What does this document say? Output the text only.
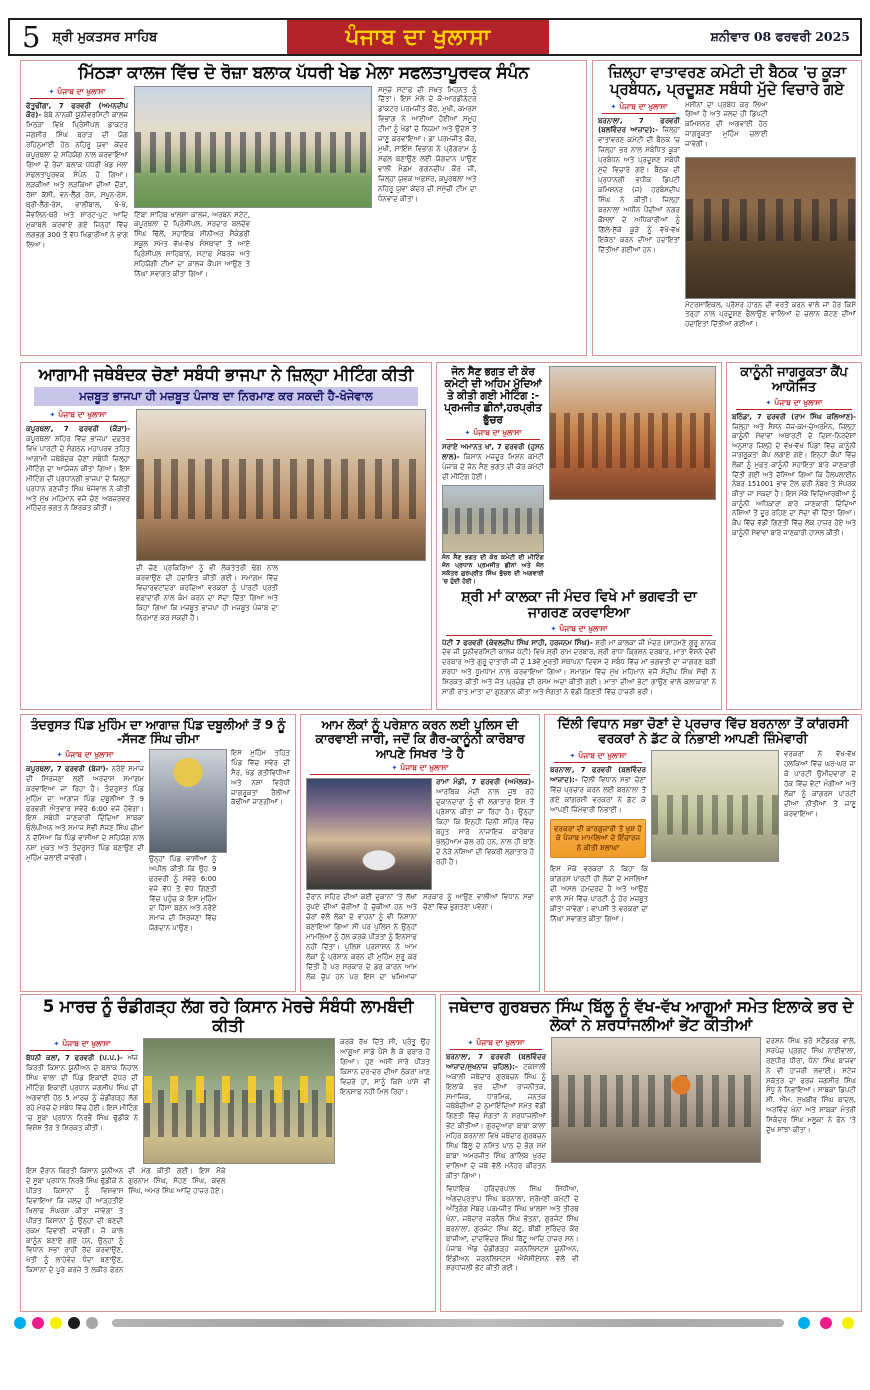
5 ਸ਼੍ਰੀ ਮੁਕਤਸਰ ਸਾਹਿਬ	ਪੰਜਾਬ ਦਾ ਖੁਲਾਸਾ	ਸ਼ਨੀਵਾਰ 08 ਫਰਵਰੀ 2025
ਮਿੱਠੜਾ ਕਾਲਜ ਵਿੱਚ ਦੋ ਰੋਜ਼ਾ ਬਲਾਕ ਪੱਧਰੀ ਖੇਡ ਮੇਲਾ ਸਫਲਤਾਪੂਰਵਕ ਸੰਪੰਨ
✦ ਪੰਜਾਬ ਦਾ ਖੁਲਾਸਾ

ਫੱਤੂਢੀਂਗਾ, 7 ਫਰਵਰੀ (ਅਮਨਦੀਪ ਕੌਰ)- ਬੇਬੇ ਨਾਨਕੀ ਯੂਨੀਵਰਸਿਟੀ ਕਾਲਜ ਮਿਠੜਾ ਵਿਖੇ ਪ੍ਰਿੰਸੀਪਲ ਡਾਕਟਰ ਜਗਸੀਰ ਸਿੰਘ ਬਰਾੜ ਦੀ ਯੋਗ ਰਹਿਨੁਮਾਈ ਹੇਠ ਨਹਿਰੂ ਯੁਵਾ ਕੇਂਦਰ ਕਪੂਰਥਲਾ ਦੇ ਸਹਿਯੋਗ ਨਾਲ ਕਰਵਾਇਆ ਗਿਆ ਦੋ ਰੋਜ਼ਾ ਬਲਾਕ ਪੱਧਰੀ ਖੇਡ ਮੇਲਾ ਸਫਲਤਾਪੂਰਵਕ ਸੰਪੰਨ ਹੋ ਗਿਆ। ਲੜਕੀਆਂ ਅਤੇ ਲੜਕਿਆਂ ਦੀਆਂ ਦੌੜਾਂ, ਰੱਸਾ ਕੱਸੀ, ਵਨ-ਲੈੱਗ ਰੇਸ, ਸਪੂਨ-ਰੇਸ, ਥ੍ਰੀ-ਲੈੱਗ-ਰੇਸ, ਵਾਲੀਬਾਲ, ਖੋ-ਖੋ, ਜੈਵਲਿਨ-ਥਰੋ ਅਤੇ ਸ਼ਾਰਟ-ਪੁਟ ਆਦਿ ਮੁਕਾਬਲੇ ਕਰਵਾਏ ਗਏ ਜਿਨ੍ਹਾਂ ਵਿੱਚ ਲਗਭਗ 300 ਤੋਂ ਵੱਧ ਖਿਡਾਰੀਆਂ ਨੇ ਭਾਗ ਲਿਆ।

ਟਿੱਬਾ ਸਾਹਿਬ ਖਾਲਸਾ ਕਾਲਜ, ਅਰਬਨ ਸਟੇਟ, ਕਪੂਰਥਲਾ ਦੇ ਪ੍ਰਿੰਸੀਪਲ, ਸਰਦਾਰ ਬਲਦੇਵ ਸਿੰਘ ਢਿੱਲੋਂ, ਸਹਾਇਕ ਸੀਨੀਅਰ ਸੈਕੰਡਰੀ ਸਕੂਲ ਸਮੇਤ ਵੱਖ-ਵੱਖ ਸੰਸਥਾਵਾਂ ਤੋਂ ਆਏ ਪ੍ਰਿੰਸੀਪਲ ਸਾਹਿਬਾਨ, ਸਟਾਫ ਮੈਂਬਰਜ਼ ਅਤੇ ਸਹਿਯੋਗੀ ਟੀਮਾਂ ਦਾ ਕਾਲਜ ਕੈਂਪਸ ਆਉਣ ਤੇ ਨਿੱਘਾ ਸਵਾਗਤ ਕੀਤਾ ਗਿਆ।

ਸਮੁੱਚੇ ਸਟਾਫ ਦੀ ਸਖ਼ਤ ਮਿਹਨਤ ਨੂੰ ਦਿੱਤਾ। ਇਸ ਮੇਲੇ ਦੇ ਕੋ-ਆਰਡੀਨੇਟਰ ਡਾਕਟਰ ਪਰਮਜੀਤ ਕੌਰ, ਮੁਖੀ, ਕਮਰਸ ਵਿਭਾਗ ਨੇ ਆਈਆਂ ਹੋਈਆਂ ਸਮੂਹ ਟੀਮਾਂ ਨੂੰ ਖੇਡਾਂ ਦੇ ਨਿਯਮਾਂ ਅਤੇ ਉਦੇਸ਼ ਤੋਂ ਜਾਣੂ ਕਰਵਾਇਆ। ਡਾ ਪਰਮਜੀਤ ਕੌਰ, ਮੁਖੀ, ਸਾਇੰਸ ਵਿਭਾਗ ਨੇ ਪ੍ਰੋਗਰਾਮ ਨੂੰ ਸਫਲ ਬਣਾਉਣ ਲਈ ਯੋਗਦਾਨ ਪਾਉਣ ਵਾਲੀ ਮੈਡਮ ਗਗਨਦੀਪ ਕੌਰ ਜੀ, ਜ਼ਿਲ੍ਹਾ ਯੁਵਕ ਅਫ਼ਸਰ, ਕਪੂਰਥਲਾ ਅਤੇ ਨਹਿਰੂ ਯੁਵਾ ਕੇਂਦਰ ਦੀ ਸਮੁੱਚੀ ਟੀਮ ਦਾ ਧੰਨਵਾਦ ਕੀਤਾ।

ਜ਼ਿਲ੍ਹਾ ਵਾਤਾਵਰਣ ਕਮੇਟੀ ਦੀ ਬੈਠਕ 'ਚ ਕੂੜਾ ਪ੍ਰਬੰਧਨ, ਪ੍ਰਦੂਸ਼ਣ ਸਬੰਧੀ ਮੁੱਦੇ ਵਿਚਾਰੇ ਗਏ
✦ ਪੰਜਾਬ ਦਾ ਖੁਲਾਸਾ

ਬਰਨਾਲਾ, 7 ਫਰਵਰੀ (ਬਲਵਿੰਦਰ ਆਜ਼ਾਦ):- ਜ਼ਿਲ੍ਹਾ ਵਾਤਾਵਰਣ ਕਮੇਟੀ ਦੀ ਬੈਠਕ 'ਚ ਜ਼ਿਲ੍ਹਾ ਭਰ ਨਾਲ ਸਬੰਧਿਤ ਕੂੜਾ ਪ੍ਰਬੰਧਨ ਅਤੇ ਪ੍ਰਦੂਸ਼ਣ ਸਬੰਧੀ ਮੁੱਦੇ ਵਿਚਾਰੇ ਗਏ। ਬੈਠਕ ਦੀ ਪ੍ਰਧਾਨਗੀ ਵਧੀਕ ਡਿਪਟੀ ਕਮਿਸ਼ਨਰ (ਜ) ਹਰਬੰਸਦੀਪ ਸਿੰਘ ਨੇ ਕੀਤੀ। ਜ਼ਿਲ੍ਹਾ ਬਰਨਾਲਾ ਅਧੀਨ ਪੈਂਦੀਆਂ ਨਗਰ ਕੌਂਸਲਾਂ ਦੇ ਅਧਿਕਾਰੀਆਂ ਨੂੰ ਗਿੱਲੇ-ਸੁੱਕੇ ਕੂੜੇ ਨੂੰ ਵੱਖੋ-ਵੱਖ ਇਕੱਠਾ ਕਰਨ ਦੀਆਂ ਹਦਾਇਤਾਂ ਦਿੱਤੀਆਂ ਗਈਆਂ ਹਨ।

ਮਸ਼ੀਨਾਂ ਦਾ ਪ੍ਰਬੰਧ ਕਰ ਲਿਆ ਗਿਆ ਹੈ ਅਤੇ ਜਲਦ ਹੀ ਡਿਪਟੀ ਕਮਿਸ਼ਨਰ ਦੀ ਅਗਵਾਈ ਹੇਠ ਜਾਗਰੂਕਤਾ ਮੁਹਿੰਮ ਚਲਾਈ ਜਾਵੇਗੀ।

ਮੋਟਰਸਾਇਕਲ, ਪ੍ਰੈਸ਼ਰ ਹਾਰਨ ਦੀ ਵਰਤੋਂ ਕਰਨ ਵਾਲੇ ਜਾਂ ਹੋਰ ਕਿਸੇ ਤਰ੍ਹਾਂ ਨਾਲ ਪ੍ਰਦੂਸ਼ਣ ਫੈਲਾਉਣ ਵਾਲਿਆਂ ਦੇ ਚਲਾਨ ਕੱਟਣ ਦੀਆਂ ਹਦਾਇਤਾਂ ਦਿੱਤੀਆਂ ਗਈਆਂ।

ਆਗਾਮੀ ਜਥੇਬੰਦਕ ਚੋਣਾਂ ਸਬੰਧੀ ਭਾਜਪਾ ਨੇ ਜ਼ਿਲ੍ਹਾ ਮੀਟਿੰਗ ਕੀਤੀ
ਮਜ਼ਬੂਤ ਭਾਜਪਾ ਹੀ ਮਜ਼ਬੂਤ ਪੰਜਾਬ ਦਾ ਨਿਰਮਾਣ ਕਰ ਸਕਦੀ ਹੈ-ਖੋਜੇਵਾਲ
✦ ਪੰਜਾਬ ਦਾ ਖੁਲਾਸਾ

ਕਪੂਰਥਲਾ, 7 ਫਰਵਰੀ (ਕੌੜਾ)- ਕਪੂਰਥਲਾ ਸ਼ਹਿਰ ਵਿੱਚ ਭਾਜਪਾ ਦਫ਼ਤਰ ਵਿਖੇ ਪਾਰਟੀ ਦੇ ਸੰਗਠਨ ਮਹਾਪਰਵ ਤਹਿਤ ਆਗਾਮੀ ਜਥੇਬੰਦਕ ਚੋਣਾਂ ਸਬੰਧੀ ਜ਼ਿਲ੍ਹਾ ਮੀਟਿੰਗ ਦਾ ਆਯੋਜਨ ਕੀਤਾ ਗਿਆ। ਇਸ ਮੀਟਿੰਗ ਦੀ ਪ੍ਰਧਾਨਗੀ ਭਾਜਪਾ ਦੇ ਜ਼ਿਲ੍ਹਾ ਪ੍ਰਧਾਨ ਰਣਜੀਤ ਸਿੰਘ ਖੋਜੇਵਾਲ ਨੇ ਕੀਤੀ ਅਤੇ ਮੁੱਖ ਮਹਿਮਾਨ ਵਜੋਂ ਚੋਣ ਅਬਜ਼ਰਵਰ ਮਹਿੰਦਰ ਭਗਤ ਨੇ ਸ਼ਿਰਕਤ ਕੀਤੀ।

ਦੀ ਚੋਣ ਪ੍ਰਕਿਰਿਆ ਨੂੰ ਵੀ ਲੋਕਤੰਤਰੀ ਢੰਗ ਨਾਲ ਕਰਵਾਉਣ ਦੀ ਹਦਾਇਤ ਕੀਤੀ ਗਈ। ਸਮਾਗਮ ਵਿੱਚ ਵਿਚਾਰਵਟਾਂਦਰਾ ਕਰਦਿਆਂ ਵਰਕਰਾਂ ਨੂੰ ਪਾਰਟੀ ਪ੍ਰਤੀ ਵਫ਼ਾਦਾਰੀ ਨਾਲ ਕੰਮ ਕਰਨ ਦਾ ਸੱਦਾ ਦਿੱਤਾ ਗਿਆ ਅਤੇ ਕਿਹਾ ਗਿਆ ਕਿ ਮਜ਼ਬੂਤ ਭਾਜਪਾ ਹੀ ਮਜ਼ਬੂਤ ਪੰਜਾਬ ਦਾ ਨਿਰਮਾਣ ਕਰ ਸਕਦੀ ਹੈ।

ਜੋਨ ਸੈਣ ਭਗਤ ਦੀ ਕੋਰ ਕਮੇਟੀ ਦੀ ਅਹਿਮ ਮੁੱਦਿਆਂ ਤੇ ਕੀਤੀ ਗਈ ਮੀਟਿੰਗ :- ਪ੍ਰਮਜੀਤ ਛੀਨਾਂ,ਹਰਪ੍ਰੀਤ ਭੁੱਚਰ
✦ ਪੰਜਾਬ ਦਾ ਖੁਲਾਸਾ

ਸਰਾਏ ਅਮਾਨਤ ਖਾਂ, 7 ਫਰਵਰੀ (ਹੁਸਨ ਲਾਲ)- ਕਿਸਾਨ ਮਜ਼ਦੂਰ ਮਿਸ਼ਨ ਕਮੇਟੀ ਪੰਜਾਬ ਦੇ ਜੋਨ ਸੈਣ ਭਗਤ ਦੀ ਕੋਰ ਕਮੇਟੀ ਦੀ ਮੀਟਿੰਗ ਹੋਈ।

ਜੋਨ ਸੈਣ ਭਗਤ ਦੀ ਕੋਰ ਕਮੇਟੀ ਦੀ ਮੀਟਿੰਗ ਜੋਨ ਪ੍ਰਧਾਨ ਪ੍ਰਮਜੀਤ ਛੀਨਾਂ ਅਤੇ ਜੋਨ ਸਕੱਤਰ ਗੁਰਪ੍ਰੀਤ ਸਿੰਘ ਭੁੱਚਰ ਦੀ ਅਗਵਾਈ 'ਚ ਹੁੰਦੀ ਹੋਈ।

ਸ਼੍ਰੀ ਮਾਂ ਕਾਲਕਾ ਜੀ ਮੰਦਰ ਵਿਖੇ ਮਾਂ ਭਗਵਤੀ ਦਾ ਜਾਗਰਣ ਕਰਵਾਇਆ
✦ ਪੰਜਾਬ ਦਾ ਖੁਲਾਸਾ

ਪੱਟੀ 7 ਫਰਵਰੀ (ਕੇਵਲਦੀਪ ਸਿੰਘ ਸਾਹੀ, ਹਰਜਨਮ ਸਿੰਘ)- ਸ਼੍ਰੀ ਮਾਂ ਕਾਲਕਾ ਜੀ ਮੰਦਰ (ਸਾਹਮਣੇ ਗੁਰੂ ਨਾਨਕ ਦੇਵ ਜੀ ਯੂਨੀਵਰਸਿਟੀ ਕਾਲਜ ਪੱਟੀ) ਵਿਖੇ ਸ਼੍ਰੀ ਰਾਮ ਦਰਬਾਰ, ਸ਼੍ਰੀ ਰਾਧਾ ਕ੍ਰਿਸ਼ਨ ਦਰਬਾਰ, ਮਾਤਾ ਵੈਸ਼ਨੋ ਦੇਵੀ ਦਰਬਾਰ ਅਤੇ ਗੁਰੂ ਦਾਤਾਰੀ ਜੀ ਦੇ 13ਵੇਂ ਮੂਰਤੀ ਸਥਾਪਨਾ ਦਿਵਸ ਦੇ ਸਬੰਧ ਵਿੱਚ ਮਾਂ ਭਗਵਤੀ ਦਾ ਜਾਗਰਣ ਬੜੀ ਸ਼ਰਧਾ ਅਤੇ ਧੂਮਧਾਮ ਨਾਲ ਕਰਵਾਇਆ ਗਿਆ। ਸਮਾਗਮ ਵਿੱਚ ਮੁੱਖ ਮਹਿਮਾਨ ਵਜੋਂ ਸੰਦੀਪ ਸਿੰਘ ਸੋਢੀ ਨੇ ਸ਼ਿਰਕਤ ਕੀਤੀ ਅਤੇ ਜੋਤ ਪ੍ਰਚੰਡ ਦੀ ਰਸਮ ਅਦਾ ਕੀਤੀ ਗਈ। ਮਾਤਾ ਦੀਆਂ ਭੇਟਾਂ ਗਾਉਣ ਵਾਲੇ ਕਲਾਕਾਰਾਂ ਨੇ ਸਾਰੀ ਰਾਤ ਮਾਤਾ ਦਾ ਗੁਣਗਾਨ ਕੀਤਾ ਅਤੇ ਸੰਗਤਾਂ ਨੇ ਵੱਡੀ ਗਿਣਤੀ ਵਿੱਚ ਹਾਜ਼ਰੀ ਭਰੀ।

ਕਾਨੂੰਨੀ ਜਾਗਰੂਕਤਾ ਕੈਂਪ ਆਯੋਜਿਤ
✦ ਪੰਜਾਬ ਦਾ ਖੁਲਾਸਾ

ਬਠਿੰਡਾ, 7 ਫਰਵਰੀ (ਰਾਮ ਸਿੰਘ ਕਲਿਆਣ)- ਜ਼ਿਲ੍ਹਾ ਅਤੇ ਸੈਸ਼ਨ ਜੱਜ-ਕਮ-ਚੇਅਰਮੈਨ, ਜ਼ਿਲ੍ਹਾ ਕਾਨੂੰਨੀ ਸੇਵਾਵਾਂ ਅਥਾਰਟੀ ਦੇ ਦਿਸ਼ਾ-ਨਿਰਦੇਸ਼ਾਂ ਅਨੁਸਾਰ ਜ਼ਿਲ੍ਹੇ ਦੇ ਵੱਖ-ਵੱਖ ਪਿੰਡਾਂ ਵਿੱਚ ਕਾਨੂੰਨੀ ਜਾਗਰੂਕਤਾ ਕੈਂਪ ਲਗਾਏ ਗਏ। ਇਨ੍ਹਾਂ ਕੈਂਪਾਂ ਵਿੱਚ ਲੋਕਾਂ ਨੂੰ ਮੁਫ਼ਤ ਕਾਨੂੰਨੀ ਸਹਾਇਤਾ ਬਾਰੇ ਜਾਣਕਾਰੀ ਦਿੱਤੀ ਗਈ ਅਤੇ ਦੱਸਿਆ ਗਿਆ ਕਿ ਹੈਲਪਲਾਈਨ ਨੰਬਰ 151001 ਭਾਵ ਟੋਲ ਫਰੀ ਨੰਬਰ ਤੇ ਸੰਪਰਕ ਕੀਤਾ ਜਾ ਸਕਦਾ ਹੈ। ਇਸ ਮੌਕੇ ਵਿਦਿਆਰਥੀਆਂ ਨੂੰ ਕਾਨੂੰਨੀ ਅਧਿਕਾਰਾਂ ਬਾਰੇ ਜਾਣਕਾਰੀ ਦਿੰਦਿਆਂ ਨਸ਼ਿਆਂ ਤੋਂ ਦੂਰ ਰਹਿਣ ਦਾ ਸੱਦਾ ਵੀ ਦਿੱਤਾ ਗਿਆ। ਕੈਂਪ ਵਿੱਚ ਵੱਡੀ ਗਿਣਤੀ ਵਿੱਚ ਲੋਕ ਹਾਜ਼ਰ ਹੋਏ ਅਤੇ ਕਾਨੂੰਨੀ ਸੇਵਾਵਾਂ ਬਾਰੇ ਜਾਣਕਾਰੀ ਹਾਸਲ ਕੀਤੀ।

ਤੰਦਰੁਸਤ ਪਿੰਡ ਮੁਹਿੰਮ ਦਾ ਆਗਾਜ਼ ਪਿੰਡ ਦਬੂਲੀਆਂ ਤੋਂ 9 ਨੂੰ -ਸੱਜਣ ਸਿੰਘ ਚੀਮਾ
✦ ਪੰਜਾਬ ਦਾ ਖੁਲਾਸਾ

ਕਪੂਰਥਲਾ, 7 ਫਰਵਰੀ (ਬੇਜਾ)- ਨਰੋਏ ਸਮਾਜ ਦੀ ਸਿਰਜਣਾ ਲਈ ਅਰਦਾਸ ਸਮਾਗਮ ਕਰਵਾਇਆ ਜਾ ਰਿਹਾ ਹੈ। ਤੰਦਰੁਸਤ ਪਿੰਡ ਮੁਹਿੰਮ ਦਾ ਆਗਾਜ਼ ਪਿੰਡ ਦਬੂਲੀਆਂ ਤੋਂ 9 ਫਰਵਰੀ ਐਤਵਾਰ ਸਵੇਰੇ 6:00 ਵਜੇ ਹੋਵੇਗਾ। ਇਸ ਸਬੰਧੀ ਜਾਣਕਾਰੀ ਦਿੰਦਿਆਂ ਸਾਬਕਾ ਓਲੰਪੀਅਨ ਅਤੇ ਸਮਾਜ ਸੇਵੀ ਸੱਜਣ ਸਿੰਘ ਚੀਮਾ ਨੇ ਦੱਸਿਆ ਕਿ ਪਿੰਡ ਵਾਸੀਆਂ ਦੇ ਸਹਿਯੋਗ ਨਾਲ ਨਸ਼ਾ ਮੁਕਤ ਅਤੇ ਤੰਦਰੁਸਤ ਪਿੰਡ ਬਣਾਉਣ ਦੀ ਮੁਹਿੰਮ ਚਲਾਈ ਜਾਵੇਗੀ।

ਇਸ ਮੁਹਿੰਮ ਤਹਿਤ ਪਿੰਡ ਵਿੱਚ ਸਵੇਰ ਦੀ ਸੈਰ, ਖੇਡ ਗਤੀਵਿਧੀਆਂ ਅਤੇ ਨਸ਼ਾ ਵਿਰੋਧੀ ਜਾਗਰੂਕਤਾ ਰੈਲੀਆਂ ਕੱਢੀਆਂ ਜਾਣਗੀਆਂ।

ਉਨ੍ਹਾਂ ਪਿੰਡ ਵਾਸੀਆਂ ਨੂੰ ਅਪੀਲ ਕੀਤੀ ਕਿ ਉਹ 9 ਫਰਵਰੀ ਨੂੰ ਸਵੇਰੇ 6:00 ਵਜੇ ਵੱਧ ਤੋਂ ਵੱਧ ਗਿਣਤੀ ਵਿੱਚ ਪਹੁੰਚ ਕੇ ਇਸ ਮੁਹਿੰਮ ਦਾ ਹਿੱਸਾ ਬਣਨ ਅਤੇ ਨਰੋਏ ਸਮਾਜ ਦੀ ਸਿਰਜਣਾ ਵਿੱਚ ਯੋਗਦਾਨ ਪਾਉਣ।

ਆਮ ਲੋਕਾਂ ਨੂੰ ਪਰੇਸ਼ਾਨ ਕਰਨ ਲਈ ਪੁਲਿਸ ਦੀ ਕਾਰਵਾਈ ਜਾਰੀ, ਜਦੋਂ ਕਿ ਗੈਰ-ਕਾਨੂੰਨੀ ਕਾਰੋਬਾਰ ਆਪਣੇ ਸਿਖਰ 'ਤੇ ਹੈ
✦ ਪੰਜਾਬ ਦਾ ਖੁਲਾਸਾ

ਰਾਮਾਂ ਮੰਡੀ, 7 ਫਰਵਰੀ (ਅਮੋਲਕ)- ਆਰਥਿਕ ਮੰਦੀ ਨਾਲ ਜੂਝ ਰਹੇ ਦੁਕਾਨਦਾਰਾਂ ਨੂੰ ਵੀ ਲਗਾਤਾਰ ਇਸ ਤੋਂ ਪ੍ਰੇਸ਼ਾਨ ਕੀਤਾ ਜਾ ਰਿਹਾ ਹੈ। ਉਨ੍ਹਾਂ ਕਿਹਾ ਕਿ ਇਨ੍ਹੀਂ ਦਿਨੀਂ ਸ਼ਹਿਰ ਵਿੱਚ ਬਹੁਤ ਸਾਰੇ ਨਾਜਾਇਜ਼ ਕਾਰੋਬਾਰ ਖੁੱਲ੍ਹੇਆਮ ਚੱਲ ਰਹੇ ਹਨ, ਨਾਲ ਹੀ ਥਾਣੇ ਦੇ ਨੇੜੇ ਨਸ਼ਿਆਂ ਦੀ ਵਿਕਰੀ ਲਗਾਤਾਰ ਹੋ ਰਹੀ ਹੈ।

ਦੌਰਾਨ ਸ਼ਹਿਰ ਦੀਆਂ ਕਈ ਦੁਕਾਨਾਂ 'ਤੇ ਲੱਖਾਂ ਰੁਪਏ ਦੀਆਂ ਚੋਰੀਆਂ ਹੋ ਚੁੱਕੀਆਂ ਹਨ ਅਤੇ ਚੋਰਾਂ ਵੱਲੋਂ ਲੋਕਾਂ ਦੇ ਵਾਹਨਾਂ ਨੂੰ ਵੀ ਨਿਸ਼ਾਨਾ ਬਣਾਇਆ ਗਿਆ ਸੀ ਪਰ ਪੁਲਿਸ ਨੇ ਉਨ੍ਹਾਂ ਮਾਮਲਿਆਂ ਨੂੰ ਹੱਲ ਕਰਕੇ ਪੀੜਤਾਂ ਨੂੰ ਇਨਸਾਫ ਨਹੀਂ ਦਿੱਤਾ। ਪੁਲਿਸ ਪ੍ਰਸ਼ਾਸਨ ਨੇ ਆਮ ਲੋਕਾਂ ਨੂੰ ਪ੍ਰੇਸ਼ਾਨ ਕਰਨ ਦੀ ਮੁਹਿੰਮ ਸ਼ੁਰੂ ਕਰ ਦਿੱਤੀ ਹੈ ਪਰ ਸਰਕਾਰ ਦੇ ਡਰ ਕਾਰਨ ਆਮ ਲੋਕ ਚੁੱਪ ਹਨ ਪਰ ਇਸ ਦਾ ਖਮਿਆਜ਼ਾ ਸਰਕਾਰ ਨੂੰ ਆਉਣ ਵਾਲੀਆਂ ਵਿਧਾਨ ਸਭਾ ਚੋਣਾਂ ਵਿੱਚ ਭੁਗਤਣਾ ਪਵੇਗਾ।

ਦਿੱਲੀ ਵਿਧਾਨ ਸਭਾ ਚੋਣਾਂ ਦੇ ਪ੍ਰਚਾਰ ਵਿੱਚ ਬਰਨਾਲਾ ਤੋਂ ਕਾਂਗਰਸੀ ਵਰਕਰਾਂ ਨੇ ਡੱਟ ਕੇ ਨਿਭਾਈ ਆਪਣੀ ਜ਼ਿੰਮੇਵਾਰੀ
✦ ਪੰਜਾਬ ਦਾ ਖੁਲਾਸਾ

ਬਰਨਾਲਾ, 7 ਫਰਵਰੀ (ਬਲਵਿੰਦਰ ਆਜ਼ਾਦ):- ਦਿੱਲੀ ਵਿਧਾਨ ਸਭਾ ਚੋਣਾਂ ਵਿੱਚ ਪ੍ਰਚਾਰ ਕਰਨ ਲਈ ਬਰਨਾਲਾ ਤੋਂ ਗਏ ਕਾਂਗਰਸੀ ਵਰਕਰਾਂ ਨੇ ਡੱਟ ਕੇ ਆਪਣੀ ਜ਼ਿੰਮੇਵਾਰੀ ਨਿਭਾਈ।

ਵਰਕਰਾਂ ਦੀ ਕਾਰਗੁਜ਼ਾਰੀ ਤੋਂ ਖੁਸ਼ ਹੋ ਕੇ ਪੰਜਾਬ ਮਾਮਲਿਆਂ ਦੇ ਇੰਚਾਰਜ ਨੇ ਕੀਤੀ ਸ਼ਲਾਘਾ

ਵਰਕਰਾਂ ਨੇ ਵੱਖ-ਵੱਖ ਹਲਕਿਆਂ ਵਿੱਚ ਘਰ-ਘਰ ਜਾ ਕੇ ਪਾਰਟੀ ਉਮੀਦਵਾਰਾਂ ਦੇ ਹੱਕ ਵਿੱਚ ਵੋਟਾਂ ਮੰਗੀਆਂ ਅਤੇ ਲੋਕਾਂ ਨੂੰ ਕਾਂਗਰਸ ਪਾਰਟੀ ਦੀਆਂ ਨੀਤੀਆਂ ਤੋਂ ਜਾਣੂ ਕਰਵਾਇਆ।

ਇਸ ਮੌਕੇ ਵਰਕਰਾਂ ਨੇ ਕਿਹਾ ਕਿ ਕਾਂਗਰਸ ਪਾਰਟੀ ਹੀ ਲੋਕਾਂ ਦੇ ਮਸਲਿਆਂ ਦੀ ਅਸਲ ਹਮਦਰਦ ਹੈ ਅਤੇ ਆਉਣ ਵਾਲੇ ਸਮੇਂ ਵਿੱਚ ਪਾਰਟੀ ਨੂੰ ਹੋਰ ਮਜ਼ਬੂਤ ਕੀਤਾ ਜਾਵੇਗਾ। ਵਾਪਸੀ ਤੇ ਵਰਕਰਾਂ ਦਾ ਨਿੱਘਾ ਸਵਾਗਤ ਕੀਤਾ ਗਿਆ।

5 ਮਾਰਚ ਨੂੰ ਚੰਡੀਗੜ੍ਹ ਲੱਗ ਰਹੇ ਕਿਸਾਨ ਮੋਰਚੇ ਸੰਬੰਧੀ ਲਾਮਬੰਦੀ ਕੀਤੀ
✦ ਪੰਜਾਬ ਦਾ ਖੁਲਾਸਾ

ਬੱਧਨੀ ਕਲਾਂ, 7 ਫਰਵਰੀ (ਪ.ਪ.)- ਅੱਜ ਕਿਰਤੀ ਕਿਸਾਨ ਯੂਨੀਅਨ ਦੇ ਬਲਾਕ ਨਿਹਾਲ ਸਿੰਘ ਵਾਲਾ ਦੀ ਪਿੰਡ ਇਕਾਈ ਦੋਧਰ ਦੀ ਮੀਟਿੰਗ ਇਕਾਈ ਪ੍ਰਧਾਨ ਜਗਸੀਪ ਸਿੰਘ ਦੀ ਅਗਵਾਈ ਹੇਠ 5 ਮਾਰਚ ਨੂੰ ਚੰਡੀਗੜ੍ਹ ਲੱਗ ਰਹੇ ਮੋਰਚੇ ਦੇ ਸਬੰਧ ਵਿੱਚ ਹੋਈ। ਇਸ ਮੀਟਿੰਗ 'ਚ ਸੂਬਾ ਪ੍ਰਧਾਨ ਨਿਰਭੈ ਸਿੰਘ ਢੁੱਡੀਕੇ ਨੇ ਵਿਸ਼ੇਸ਼ ਤੌਰ ਤੇ ਸ਼ਿਰਕਤ ਕੀਤੀ।

ਕਰਕੇ ਰੱਖ ਦਿੱਤੇ ਸੀ, ਪ੍ਰੰਤੂ ਉਹ ਆਗੂਆਂ ਸਾਡੇ ਪੈਸੇ ਲੈ ਕੇ ਫਰਾਰ ਹੋ ਗਿਆ। ਹੁਣ ਅਸੀਂ ਸਾਰੇ ਪੀੜਤ ਕਿਸਾਨ ਦਰ-ਦਰ ਦੀਆਂ ਠੋਕਰਾਂ ਖਾਣ ਵਿਚਰੇ ਹਾਂ, ਸਾਨੂੰ ਕਿਸੇ ਪਾਸੇ ਵੀ ਇਨਸਾਫ ਨਹੀਂ ਮਿਲ ਰਿਹਾ।

ਇਸ ਦੌਰਾਨ ਕਿਰਤੀ ਕਿਸਾਨ ਯੂਨੀਅਨ ਦੇ ਸੂਬਾ ਪ੍ਰਧਾਨ ਨਿਰਭੈ ਸਿੰਘ ਢੁੱਡੀਕੇ ਨੇ ਪੀੜਤ ਕਿਸਾਨਾਂ ਨੂੰ ਵਿਸ਼ਵਾਸ ਦਿਵਾਇਆ ਕਿ ਜਲਦ ਹੀ ਆੜ੍ਹਤੀਏ ਖਿਲਾਫ ਸੰਘਰਸ਼ ਕੀਤਾ ਜਾਵੇਗਾ ਤੇ ਪੀੜਤ ਕਿਸਾਨਾਂ ਨੂੰ ਉਨ੍ਹਾਂ ਦੀ ਬਣਦੀ ਰਕਮ ਦਿਵਾਈ ਜਾਵੇਗੀ। ਜੋ ਕਾਲੇ ਕਾਨੂੰਨ ਬਣਾਏ ਗਏ ਹਨ, ਉਨ੍ਹਾਂ ਨੂੰ ਵਿਧਾਨ ਸਭਾ ਰਾਹੀਂ ਰੱਦ ਕਰਵਾਉਣ, ਖੇਤੀ ਨੂੰ ਲਾਹੇਵੰਦ ਧੰਦਾ ਬਣਾਉਣ, ਕਿਸਾਨਾਂ ਦੇ ਪੂਰੇ ਕਰਜ਼ੇ ਤੇ ਲਕੀਰ ਫੇਰਨ ਦੀ ਮੰਗ ਕੀਤੀ ਗਈ। ਇਸ ਮੌਕੇ ਗੁਰਨਾਮ ਸਿੰਘ, ਸੋਹਣ ਸਿੰਘ, ਕਵਲ ਸਿੰਘ, ਅਮਰ ਸਿੰਘ ਆਦਿ ਹਾਜ਼ਰ ਹੋਏ।

ਜਥੇਦਾਰ ਗੁਰਬਚਨ ਸਿੰਘ ਬਿੱਲੂ ਨੂੰ ਵੱਖ-ਵੱਖ ਆਗੂਆਂ ਸਮੇਤ ਇਲਾਕੇ ਭਰ ਦੇ ਲੋਕਾਂ ਨੇ ਸ਼ਰਧਾਂਜਲੀਆਂ ਭੇਂਟ ਕੀਤੀਆਂ
✦ ਪੰਜਾਬ ਦਾ ਖੁਲਾਸਾ

ਬਰਨਾਲਾ, 7 ਫਰਵਰੀ (ਬਲਵਿੰਦਰ ਆਜ਼ਾਦ/ਸੁਖਨਾਜ ਚਹਿਲ):- ਟਕਸਾਲੀ ਅਕਾਲੀ ਜਥੇਦਾਰ ਗੁਰਬਚਨ ਸਿੰਘ ਨੂੰ ਇਲਾਕੇ ਭਰ ਦੀਆਂ ਰਾਜਨੀਤਕ, ਸਮਾਜਿਕ, ਧਾਰਮਿਕ, ਜਨਤਕ ਜਥੇਬੰਦੀਆਂ ਦੇ ਨੁਮਾਇੰਦਿਆਂ ਸਮੇਤ ਵੱਡੀ ਗਿਣਤੀ ਵਿੱਚ ਸੰਗਤਾਂ ਨੇ ਸ਼ਰਧਾਂਜਲੀਆਂ ਭੇਂਟ ਕੀਤੀਆਂ। ਗੁਰਦੁਆਰਾ ਬਾਬਾ ਕਾਲਾ ਮਹਿਰ ਬਰਨਾਲਾ ਵਿਖੇ ਜਥੇਦਾਰ ਗੁਰਬਚਨ ਸਿੰਘ ਬਿੱਲੂ ਦੇ ਨਮਿੱਤ ਪਾਠ ਦੇ ਭੋਗ ਸਮੇਂ ਬਾਬਾ ਅਮਰਜੀਤ ਸਿੰਘ ਗਾਲਿਬ ਖੁਰਦ ਵਾਲਿਆਂ ਦੇ ਜਥੇ ਵੱਲੋਂ ਮਨੋਹਰ ਕੀਰਤਨ ਕੀਤਾ ਗਿਆ।

ਦਰਸ਼ਨ ਸਿੰਘ ਭਰੋ ਸਟੈਂਡਰਡ ਵਾਲੇ, ਸਰਪੰਚ ਪ੍ਰਗਟ ਸਿੰਘ ਨਾਈਵਾਲਾ, ਰਣਧੀਰ ਧੀਰਾ, ਧੰਨਾ ਸਿੰਘ ਬਾਜਵਾ ਨੇ ਵੀ ਹਾਜ਼ਰੀ ਲਵਾਈ। ਸਟੇਜ ਸਕੱਤਰ ਦਾ ਫਰਜ਼ ਜਗਸੀਰ ਸਿੰਘ ਸੰਧੂ ਨੇ ਨਿਭਾਇਆ। ਸਾਬਕਾ ਡਿਪਟੀ ਸੀ. ਐੱਮ. ਸੁਖਬੀਰ ਸਿੰਘ ਬਾਦਲ, ਅਰਵਿੰਦ ਖੰਨਾ ਅਤੇ ਸਾਬਕਾ ਮੰਤਰੀ ਸਿਕੰਦਰ ਸਿੰਘ ਮਲੂਕਾ ਨੇ ਫੋਨ 'ਤੇ ਦੁੱਖ ਸਾਂਝਾ ਕੀਤਾ।

ਵਿਧਾਇਕ ਹਰਿੰਦਰਪਾਲ ਸਿੰਘ ਸਿਧੀਆ, ਅੰਗਦਪ੍ਰਤਾਪ ਸਿੰਘ ਬਰਨਾਲਾ, ਸ਼੍ਰੋਮਣੀ ਕਮੇਟੀ ਦੇ ਅੰਤ੍ਰਿੰਗ ਮੈਂਬਰ ਪਰਮਜੀਤ ਸਿੰਘ ਖਾਲਸਾ ਅਤੇ ਤੀਰਥ ਖੰਨਾ, ਜਥੇਦਾਰ ਜਰਨੈਲ ਸਿੰਘ ਭੋਤਨਾ, ਗੁਰਜੰਟ ਸਿੰਘ ਬਰਨਾਲਾ, ਗੁਰਜੰਟ ਸਿੰਘ ਕੱਟੂ, ਬੀਬੀ ਸੁਰਿੰਦਰ ਕੌਰ ਬਾਜੀਆਂ, ਦਾਦਵਿੰਦਰ ਸਿੰਘ ਬਿੱਟੂ ਆਦਿ ਹਾਜ਼ਰ ਸਨ। ਪੰਜਾਬ ਐਂਡ ਚੰਡੀਗੜ੍ਹ ਜਰਨਲਿਸਟਸ ਯੂਨੀਅਨ, ਇੰਡੀਅਨ ਜਰਨਲਿਸਟਸ ਐਸੋਸੀਏਸ਼ਨ ਵੱਲੋਂ ਵੀ ਸ਼ਰਧਾਂਜਲੀ ਭੇਂਟ ਕੀਤੀ ਗਈ।
